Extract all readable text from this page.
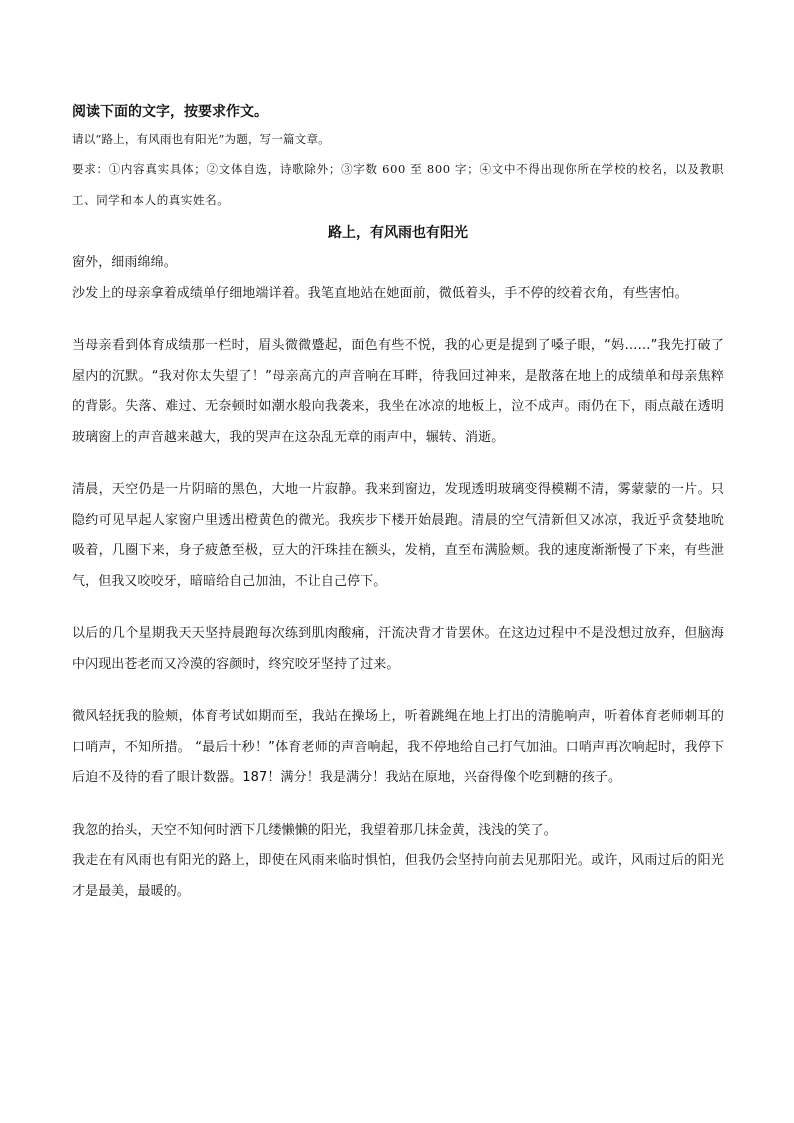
阅读下面的文字，按要求作文。

请以“路上，有风雨也有阳光”为题，写一篇文章。

要求：①内容真实具体；②文体自选，诗歌除外；③字数 600 至 800 字；④文中不得出现你所在学校的校名，以及教职工、同学和本人的真实姓名。

路上，有风雨也有阳光

窗外，细雨绵绵。

沙发上的母亲拿着成绩单仔细地端详着。我笔直地站在她面前，微低着头，手不停的绞着衣角，有些害怕。

当母亲看到体育成绩那一栏时，眉头微微蹙起，面色有些不悦，我的心更是提到了嗓子眼，“妈……”我先打破了屋内的沉默。“我对你太失望了！”母亲高亢的声音响在耳畔，待我回过神来，是散落在地上的成绩单和母亲焦粹的背影。失落、难过、无奈顿时如潮水般向我袭来，我坐在冰凉的地板上，泣不成声。雨仍在下，雨点敲在透明玻璃窗上的声音越来越大，我的哭声在这杂乱无章的雨声中，辗转、消逝。

清晨，天空仍是一片阴暗的黑色，大地一片寂静。我来到窗边，发现透明玻璃变得模糊不清，雾蒙蒙的一片。只隐约可见早起人家窗户里透出橙黄色的微光。我疾步下楼开始晨跑。清晨的空气清新但又冰凉，我近乎贪婪地吮吸着，几圈下来，身子疲惫至极，豆大的汗珠挂在额头，发梢，直至布满脸颊。我的速度渐渐慢了下来，有些泄气，但我又咬咬牙，暗暗给自己加油，不让自己停下。

以后的几个星期我天天坚持晨跑每次练到肌肉酸痛，汗流决背才肯罢休。在这边过程中不是没想过放弃，但脑海中闪现出苍老而又冷漠的容颜时，终究咬牙坚持了过来。

微风轻抚我的脸颊，体育考试如期而至，我站在操场上，听着跳绳在地上打出的清脆响声，听着体育老师刺耳的口哨声，不知所措。 “最后十秒！”体育老师的声音响起，我不停地给自己打气加油。口哨声再次响起时，我停下后迫不及待的看了眼计数器。187！满分！我是满分！我站在原地，兴奋得像个吃到糖的孩子。

我忽的抬头，天空不知何时洒下几缕懒懒的阳光，我望着那几抹金黄，浅浅的笑了。

我走在有风雨也有阳光的路上，即使在风雨来临时惧怕，但我仍会坚持向前去见那阳光。或许，风雨过后的阳光才是最美，最暖的。
